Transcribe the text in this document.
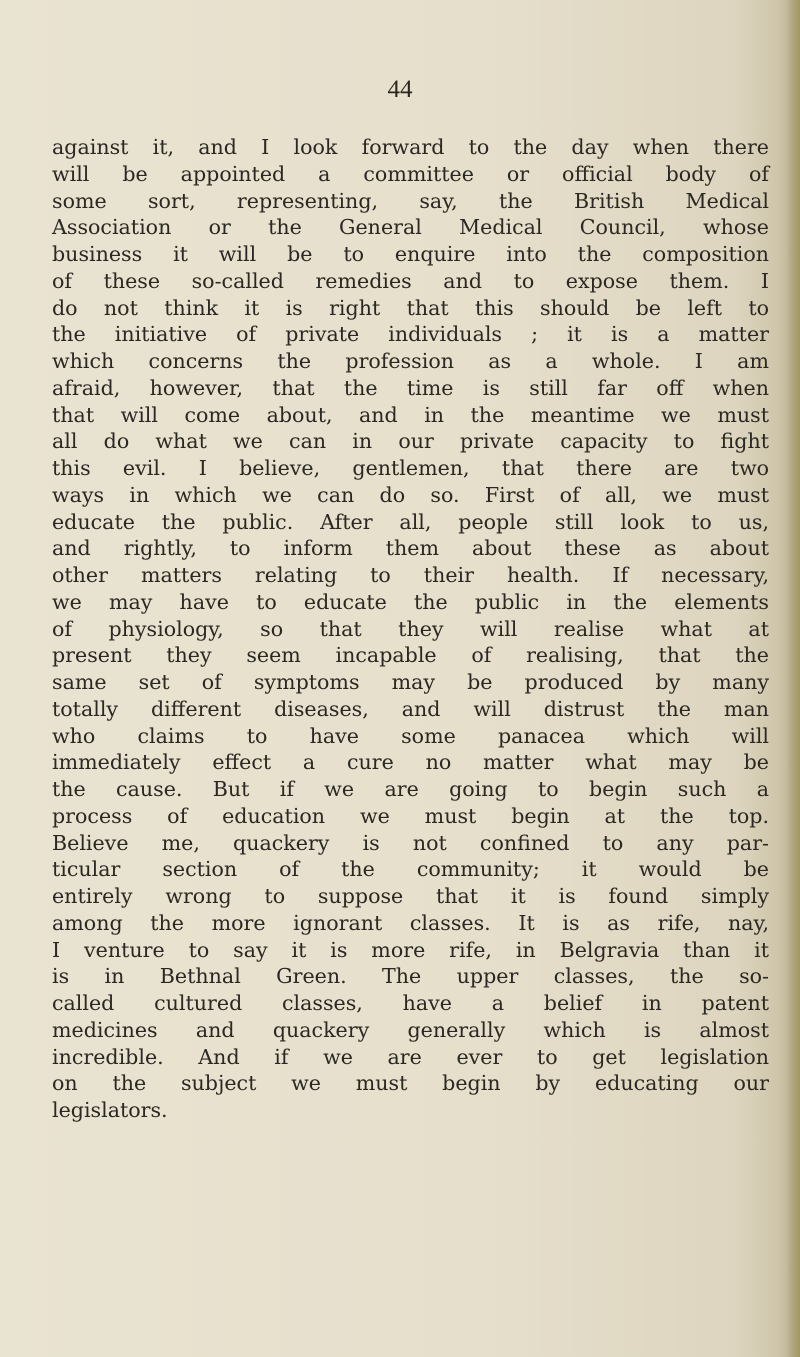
44
against it, and I look forward to the day when there
will be appointed a committee or official body of
some sort, representing, say, the British Medical
Association or the General Medical Council, whose
business it will be to enquire into the composition
of these so-called remedies and to expose them. I
do not think it is right that this should be left to
the initiative of private individuals ; it is a matter
which concerns the profession as a whole. I am
afraid, however, that the time is still far off when
that will come about, and in the meantime we must
all do what we can in our private capacity to fight
this evil. I believe, gentlemen, that there are two
ways in which we can do so. First of all, we must
educate the public. After all, people still look to us,
and rightly, to inform them about these as about
other matters relating to their health. If necessary,
we may have to educate the public in the elements
of physiology, so that they will realise what at
present they seem incapable of realising, that the
same set of symptoms may be produced by many
totally different diseases, and will distrust the man
who claims to have some panacea which will
immediately effect a cure no matter what may be
the cause. But if we are going to begin such a
process of education we must begin at the top.
Believe me, quackery is not confined to any par-
ticular section of the community; it would be
entirely wrong to suppose that it is found simply
among the more ignorant classes. It is as rife, nay,
I venture to say it is more rife, in Belgravia than it
is in Bethnal Green. The upper classes, the so-
called cultured classes, have a belief in patent
medicines and quackery generally which is almost
incredible. And if we are ever to get legislation
on the subject we must begin by educating our
legislators.
